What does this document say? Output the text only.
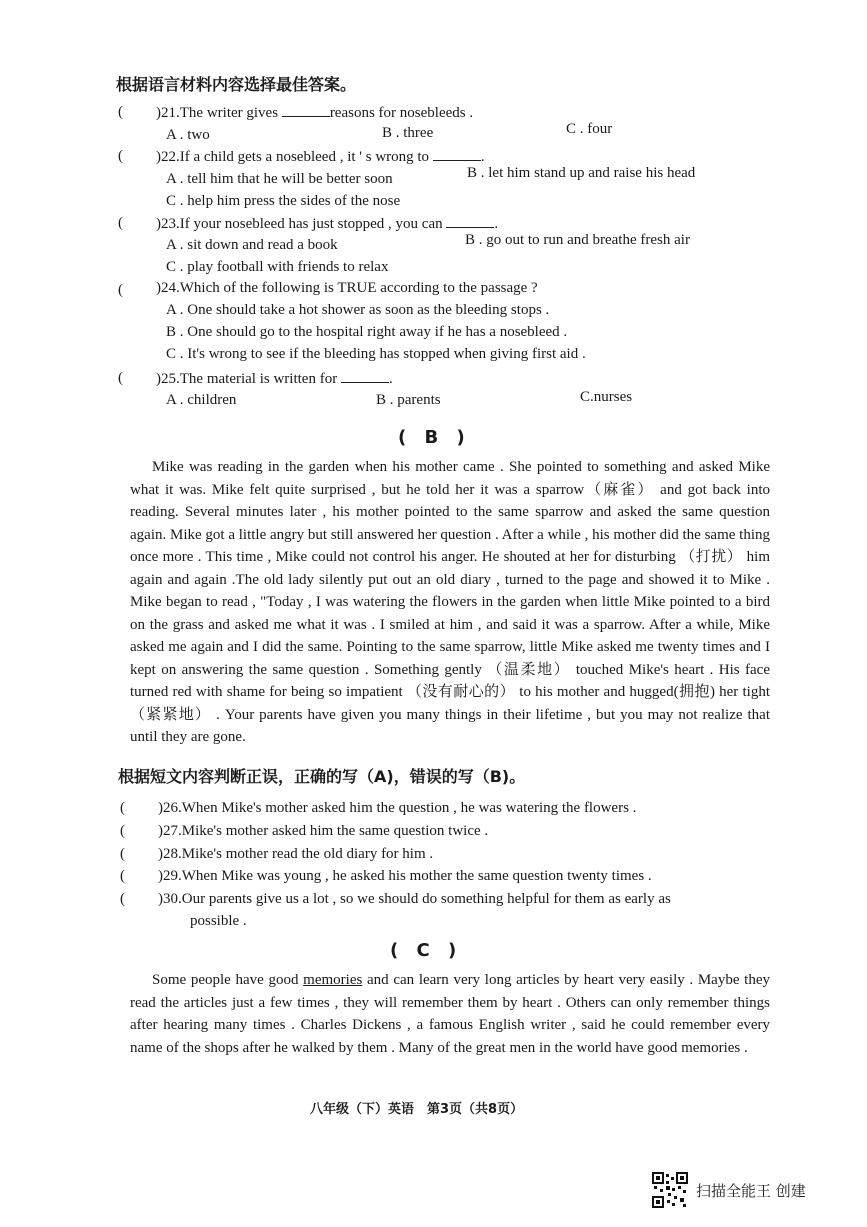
根据语言材料内容选择最佳答案。
( )21.The writer gives	reasons for nosebleeds .
A . two	B . three	C . four
( )22.If a child gets a nosebleed , it ' s wrong to	.
A . tell him that he will be better soon	B . let him stand up and raise his head
C . help him press the sides of the nose
( )23.If your nosebleed has just stopped , you can	.
A . sit down and read a book	B . go out to run and breathe fresh air
C . play football with friends to relax
( )24.Which of the following is TRUE according to the passage ?
A . One should take a hot shower as soon as the bleeding stops .
B . One should go to the hospital right away if he has a nosebleed .
C . It's wrong to see if the bleeding has stopped when giving first aid .
( )25.The material is written for	.
A . children	B . parents	C.nurses
( B )

Mike was reading in the garden when his mother came . She pointed to something and asked Mike what it was. Mike felt quite surprised , but he told her it was a sparrow（麻雀） and got back into reading. Several minutes later , his mother pointed to the same sparrow and asked the same question again. Mike got a little angry but still answered her question . After a while , his mother did the same thing once more . This time , Mike could not control his anger. He shouted at her for disturbing （打扰） him again and again .The old lady silently put out an old diary , turned to the page and showed it to Mike . Mike began to read , "Today , I was watering the flowers in the garden when little Mike pointed to a bird on the grass and asked me what it was . I smiled at him , and said it was a sparrow. After a while, Mike asked me again and I did the same. Pointing to the same sparrow, little Mike asked me twenty times and I kept on answering the same question . Something gently （温柔地） touched Mike's heart . His face turned red with shame for being so impatient （没有耐心的） to his mother and hugged(拥抱) her tight （紧紧地） . Your parents have given you many things in their lifetime , but you may not realize that until they are gone.

根据短文内容判断正误，正确的写（A)，错误的写（B)。
( )26.When Mike's mother asked him the question , he was watering the flowers .
( )27.Mike's mother asked him the same question twice .
( )28.Mike's mother read the old diary for him .
( )29.When Mike was young , he asked his mother the same question twenty times .
( )30.Our parents give us a lot , so we should do something helpful for them as early as
possible .
( C )

Some people have good memories and can learn very long articles by heart very easily . Maybe they read the articles just a few times , they will remember them by heart . Others can only remember things after hearing many times . Charles Dickens , a famous English writer , said he could remember every name of the shops after he walked by them . Many of the great men in the world have good memories .

八年级（下）英语　第3页（共8页）
扫描全能王 创建
